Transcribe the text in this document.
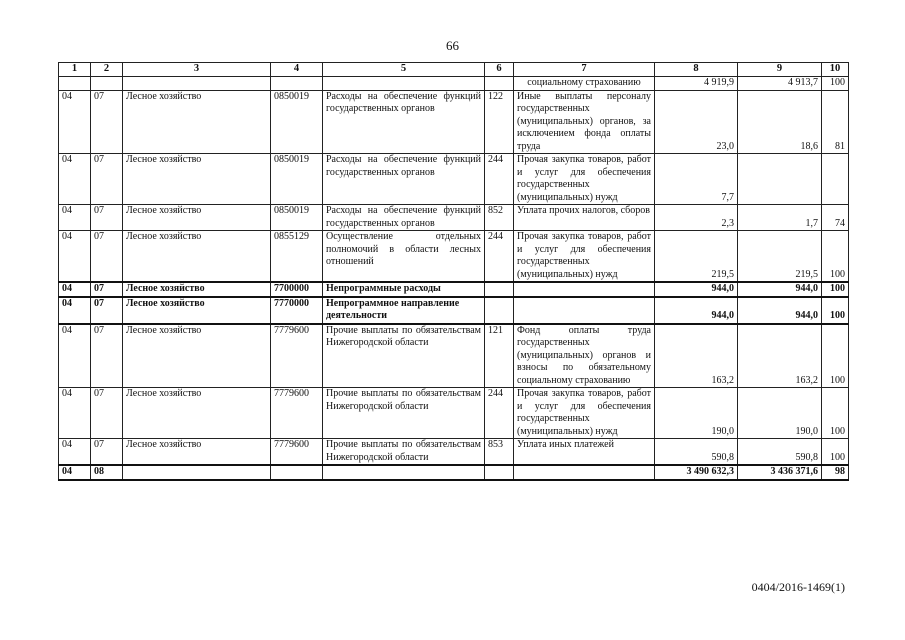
66
1	2	3	4	5	6	7	8	9	10
						социальному страхованию	4 919,9	4 913,7	100
04	07	Лесное хозяйство	0850019	Расходы на обеспечение функций государственных органов	122	Иные выплаты персоналу государственных (муниципальных) органов, за исключением фонда оплаты труда	23,0	18,6	81
04	07	Лесное хозяйство	0850019	Расходы на обеспечение функций государственных органов	244	Прочая закупка товаров, работ и услуг для обеспечения государственных (муниципальных) нужд	7,7		
04	07	Лесное хозяйство	0850019	Расходы на обеспечение функций государственных органов	852	Уплата прочих налогов, сборов	2,3	1,7	74
04	07	Лесное хозяйство	0855129	Осуществление отдельных полномочий в области лесных отношений	244	Прочая закупка товаров, работ и услуг для обеспечения государственных (муниципальных) нужд	219,5	219,5	100
04	07	Лесное хозяйство	7700000	Непрограммные расходы			944,0	944,0	100
04	07	Лесное хозяйство	7770000	Непрограммное направление деятельности			944,0	944,0	100
04	07	Лесное хозяйство	7779600	Прочие выплаты по обязательствам Нижегородской области	121	Фонд оплаты труда государственных (муниципальных) органов и взносы по обязательному социальному страхованию	163,2	163,2	100
04	07	Лесное хозяйство	7779600	Прочие выплаты по обязательствам Нижегородской области	244	Прочая закупка товаров, работ и услуг для обеспечения государственных (муниципальных) нужд	190,0	190,0	100
04	07	Лесное хозяйство	7779600	Прочие выплаты по обязательствам Нижегородской области	853	Уплата иных платежей	590,8	590,8	100
04	08						3 490 632,3	3 436 371,6	98
0404/2016-1469(1)
